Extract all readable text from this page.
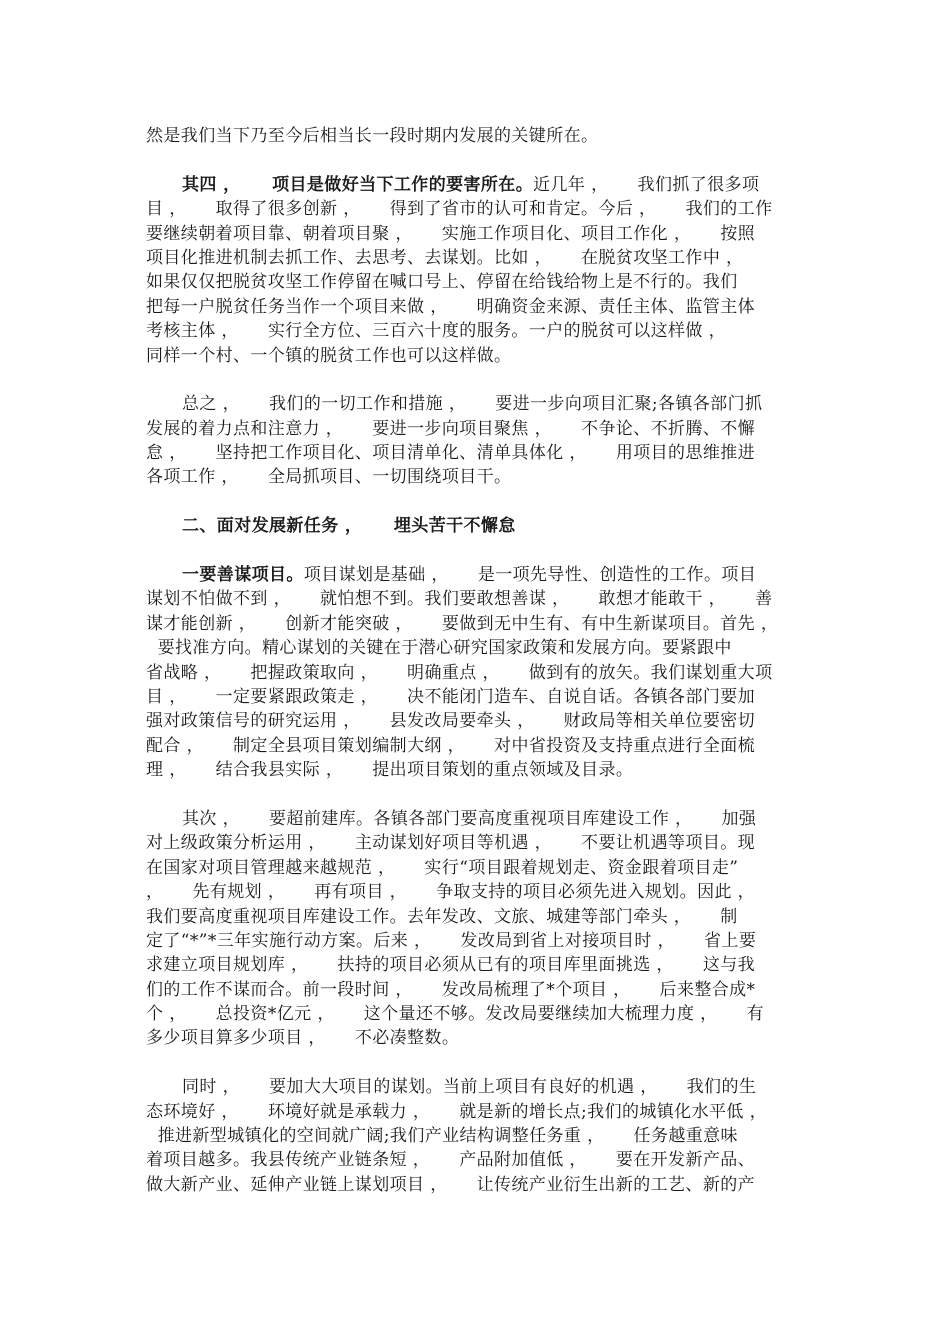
然是我们当下乃至今后相当长一段时期内发展的关键所在。
其四 ，     项目是做好当下工作的要害所在。近几年 ，     我们抓了很多项
目 ，     取得了很多创新 ，     得到了省市的认可和肯定。今后 ，     我们的工作
要继续朝着项目靠、朝着项目聚 ，     实施工作项目化、项目工作化 ，     按照
项目化推进机制去抓工作、去思考、去谋划。比如 ，     在脱贫攻坚工作中 ，
如果仅仅把脱贫攻坚工作停留在喊口号上、停留在给钱给物上是不行的。我们
把每一户脱贫任务当作一个项目来做 ，     明确资金来源、责任主体、监管主体
考核主体 ，     实行全方位、三百六十度的服务。一户的脱贫可以这样做 ，
同样一个村、一个镇的脱贫工作也可以这样做。
总之 ，     我们的一切工作和措施 ，     要进一步向项目汇聚;各镇各部门抓
发展的着力点和注意力 ，     要进一步向项目聚焦 ，     不争论、不折腾、不懈
怠 ，     坚持把工作项目化、项目清单化、清单具体化 ，     用项目的思维推进
各项工作 ，     全局抓项目、一切围绕项目干。
二、面对发展新任务 ，     埋头苦干不懈怠
一要善谋项目。项目谋划是基础 ，     是一项先导性、创造性的工作。项目
谋划不怕做不到 ，     就怕想不到。我们要敢想善谋 ，     敢想才能敢干 ，     善
谋才能创新 ，     创新才能突破 ，     要做到无中生有、有中生新谋项目。首先 ，
要找准方向。精心谋划的关键在于潜心研究国家政策和发展方向。要紧跟中
省战略 ，     把握政策取向 ，     明确重点 ，     做到有的放矢。我们谋划重大项
目 ，     一定要紧跟政策走 ，     决不能闭门造车、自说自话。各镇各部门要加
强对政策信号的研究运用 ，     县发改局要牵头 ，     财政局等相关单位要密切
配合 ，     制定全县项目策划编制大纲 ，     对中省投资及支持重点进行全面梳
理 ，     结合我县实际 ，     提出项目策划的重点领域及目录。
其次 ，     要超前建库。各镇各部门要高度重视项目库建设工作 ，     加强
对上级政策分析运用 ，     主动谋划好项目等机遇 ，     不要让机遇等项目。现
在国家对项目管理越来越规范 ，     实行“项目跟着规划走、资金跟着项目走”
，     先有规划 ，     再有项目 ，     争取支持的项目必须先进入规划。因此 ，
我们要高度重视项目库建设工作。去年发改、文旅、城建等部门牵头 ，     制
定了“*”*三年实施行动方案。后来 ，     发改局到省上对接项目时 ，     省上要
求建立项目规划库 ，     扶持的项目必须从已有的项目库里面挑选 ，     这与我
们的工作不谋而合。前一段时间 ，     发改局梳理了*个项目 ，     后来整合成*
个 ，     总投资*亿元 ，     这个量还不够。发改局要继续加大梳理力度 ，     有
多少项目算多少项目 ，     不必凑整数。
同时 ，     要加大大项目的谋划。当前上项目有良好的机遇 ，     我们的生
态环境好 ，     环境好就是承载力 ，     就是新的增长点;我们的城镇化水平低 ，
推进新型城镇化的空间就广阔;我们产业结构调整任务重 ，     任务越重意味
着项目越多。我县传统产业链条短 ，     产品附加值低 ，     要在开发新产品、
做大新产业、延伸产业链上谋划项目 ，     让传统产业衍生出新的工艺、新的产
